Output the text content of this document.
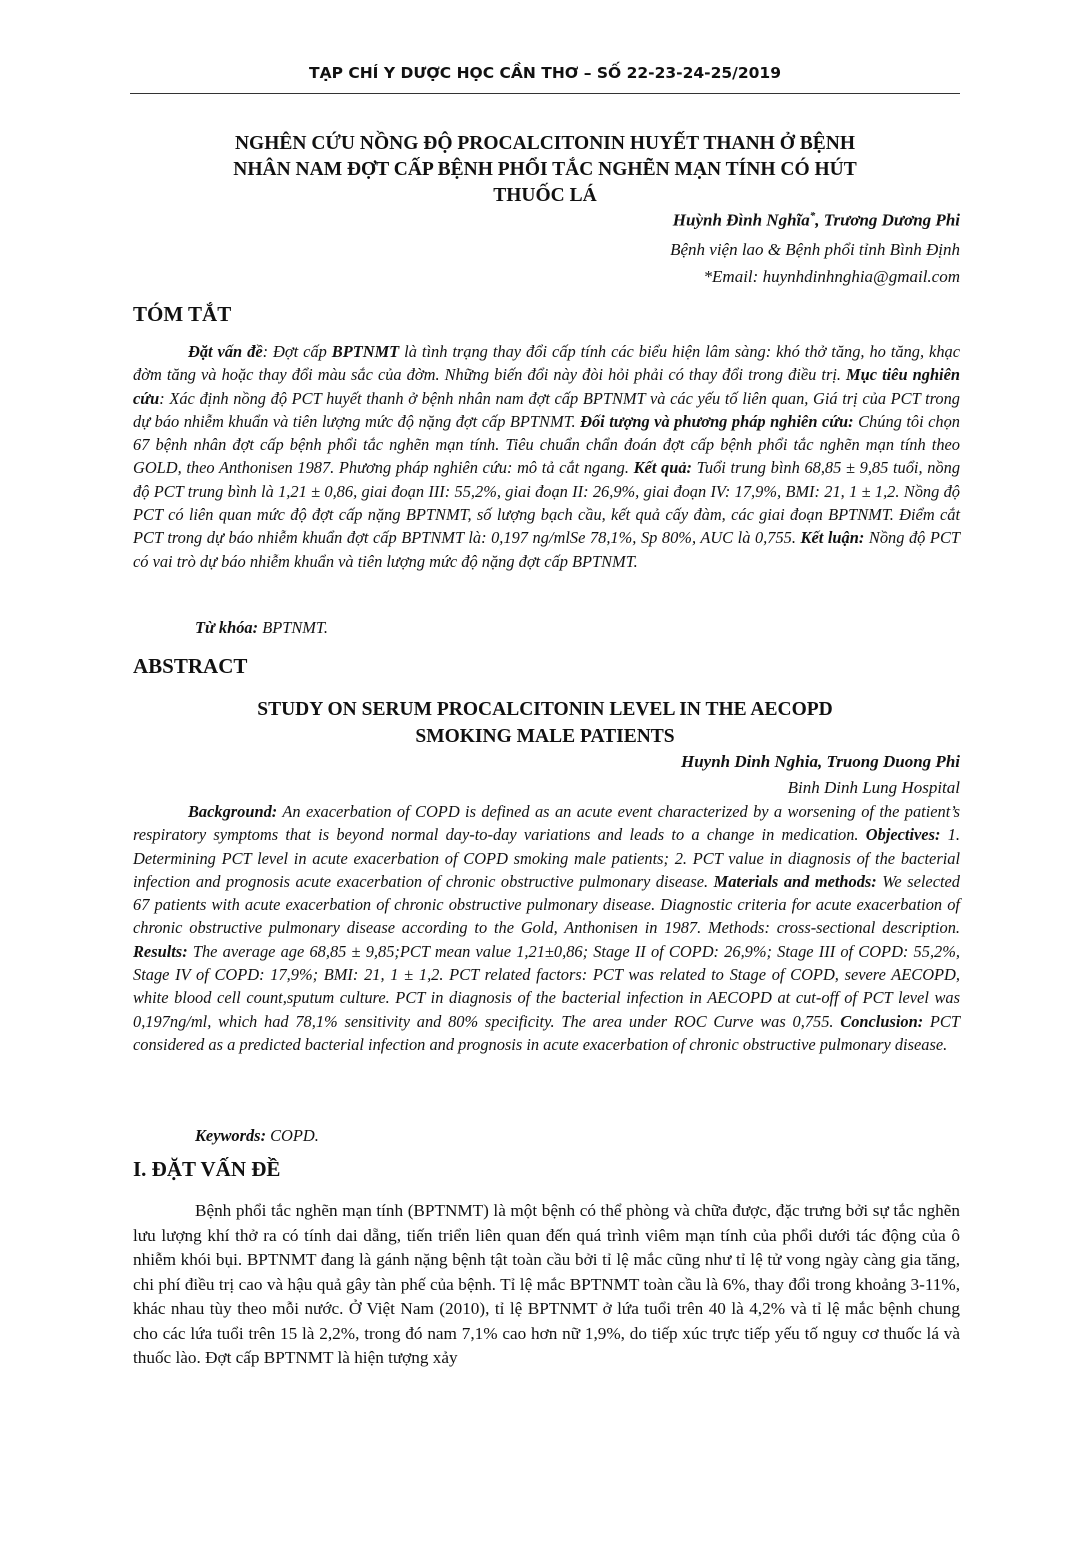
TẠP CHÍ Y DƯỢC HỌC CẦN THƠ – SỐ 22-23-24-25/2019
NGHÊN CỨU NỒNG ĐỘ PROCALCITONIN HUYẾT THANH Ở BỆNH
NHÂN NAM ĐỢT CẤP BỆNH PHỔI TẮC NGHẼN MẠN TÍNH CÓ HÚT
THUỐC LÁ
Huỳnh Đình Nghĩa*, Trương Dương Phi
Bệnh viện lao & Bệnh phổi tỉnh Bình Định
*Email: huynhdinhnghia@gmail.com
TÓM TẮT

Đặt vấn đề: Đợt cấp BPTNMT là tình trạng thay đổi cấp tính các biểu hiện lâm sàng: khó thở tăng, ho tăng, khạc đờm tăng và hoặc thay đổi màu sắc của đờm. Những biến đổi này đòi hỏi phải có thay đổi trong điều trị. Mục tiêu nghiên cứu: Xác định nồng độ PCT huyết thanh ở bệnh nhân nam đợt cấp BPTNMT và các yếu tố liên quan, Giá trị của PCT trong dự báo nhiễm khuẩn và tiên lượng mức độ nặng đợt cấp BPTNMT. Đối tượng và phương pháp nghiên cứu: Chúng tôi chọn 67 bệnh nhân đợt cấp bệnh phổi tắc nghẽn mạn tính. Tiêu chuẩn chẩn đoán đợt cấp bệnh phổi tắc nghẽn mạn tính theo GOLD, theo Anthonisen 1987. Phương pháp nghiên cứu: mô tả cắt ngang. Kết quả: Tuổi trung bình 68,85 ± 9,85 tuổi, nồng độ PCT trung bình là 1,21 ± 0,86, giai đoạn III: 55,2%, giai đoạn II: 26,9%, giai đoạn IV: 17,9%, BMI: 21, 1 ± 1,2. Nồng độ PCT có liên quan mức độ đợt cấp nặng BPTNMT, số lượng bạch cầu, kết quả cấy đàm, các giai đoạn BPTNMT. Điểm cắt PCT trong dự báo nhiễm khuẩn đợt cấp BPTNMT là: 0,197 ng/mlSe 78,1%, Sp 80%, AUC là 0,755. Kết luận: Nồng độ PCT có vai trò dự báo nhiễm khuẩn và tiên lượng mức độ nặng đợt cấp BPTNMT.

Từ khóa: BPTNMT.
ABSTRACT
STUDY ON SERUM PROCALCITONIN LEVEL IN THE AECOPD
SMOKING MALE PATIENTS
Huynh Dinh Nghia, Truong Duong Phi
Binh Dinh Lung Hospital

Background: An exacerbation of COPD is defined as an acute event characterized by a worsening of the patient’s respiratory symptoms that is beyond normal day-to-day variations and leads to a change in medication. Objectives: 1. Determining PCT level in acute exacerbation of COPD smoking male patients; 2. PCT value in diagnosis of the bacterial infection and prognosis acute exacerbation of chronic obstructive pulmonary disease. Materials and methods: We selected 67 patients with acute exacerbation of chronic obstructive pulmonary disease. Diagnostic criteria for acute exacerbation of chronic obstructive pulmonary disease according to the Gold, Anthonisen in 1987. Methods: cross-sectional description. Results: The average age 68,85 ± 9,85;PCT mean value 1,21±0,86; Stage II of COPD: 26,9%; Stage III of COPD: 55,2%, Stage IV of COPD: 17,9%; BMI: 21, 1 ± 1,2. PCT related factors: PCT was related to Stage of COPD, severe AECOPD, white blood cell count,sputum culture. PCT in diagnosis of the bacterial infection in AECOPD at cut-off of PCT level was 0,197ng/ml, which had 78,1% sensitivity and 80% specificity. The area under ROC Curve was 0,755. Conclusion: PCT considered as a predicted bacterial infection and prognosis in acute exacerbation of chronic obstructive pulmonary disease.

Keywords: COPD.
I. ĐẶT VẤN ĐỀ

Bệnh phổi tắc nghẽn mạn tính (BPTNMT) là một bệnh có thể phòng và chữa được, đặc trưng bởi sự tắc nghẽn lưu lượng khí thở ra có tính dai dẵng, tiến triển liên quan đến quá trình viêm mạn tính của phổi dưới tác động của ô nhiễm khói bụi. BPTNMT đang là gánh nặng bệnh tật toàn cầu bởi tỉ lệ mắc cũng như tỉ lệ tử vong ngày càng gia tăng, chi phí điều trị cao và hậu quả gây tàn phế của bệnh. Tỉ lệ mắc BPTNMT toàn cầu là 6%, thay đổi trong khoảng 3-11%, khác nhau tùy theo mỗi nước. Ở Việt Nam (2010), tỉ lệ BPTNMT ở lứa tuổi trên 40 là 4,2% và tỉ lệ mắc bệnh chung cho các lứa tuổi trên 15 là 2,2%, trong đó nam 7,1% cao hơn nữ 1,9%, do tiếp xúc trực tiếp yếu tố nguy cơ thuốc lá và thuốc lào. Đợt cấp BPTNMT là hiện tượng xảy
